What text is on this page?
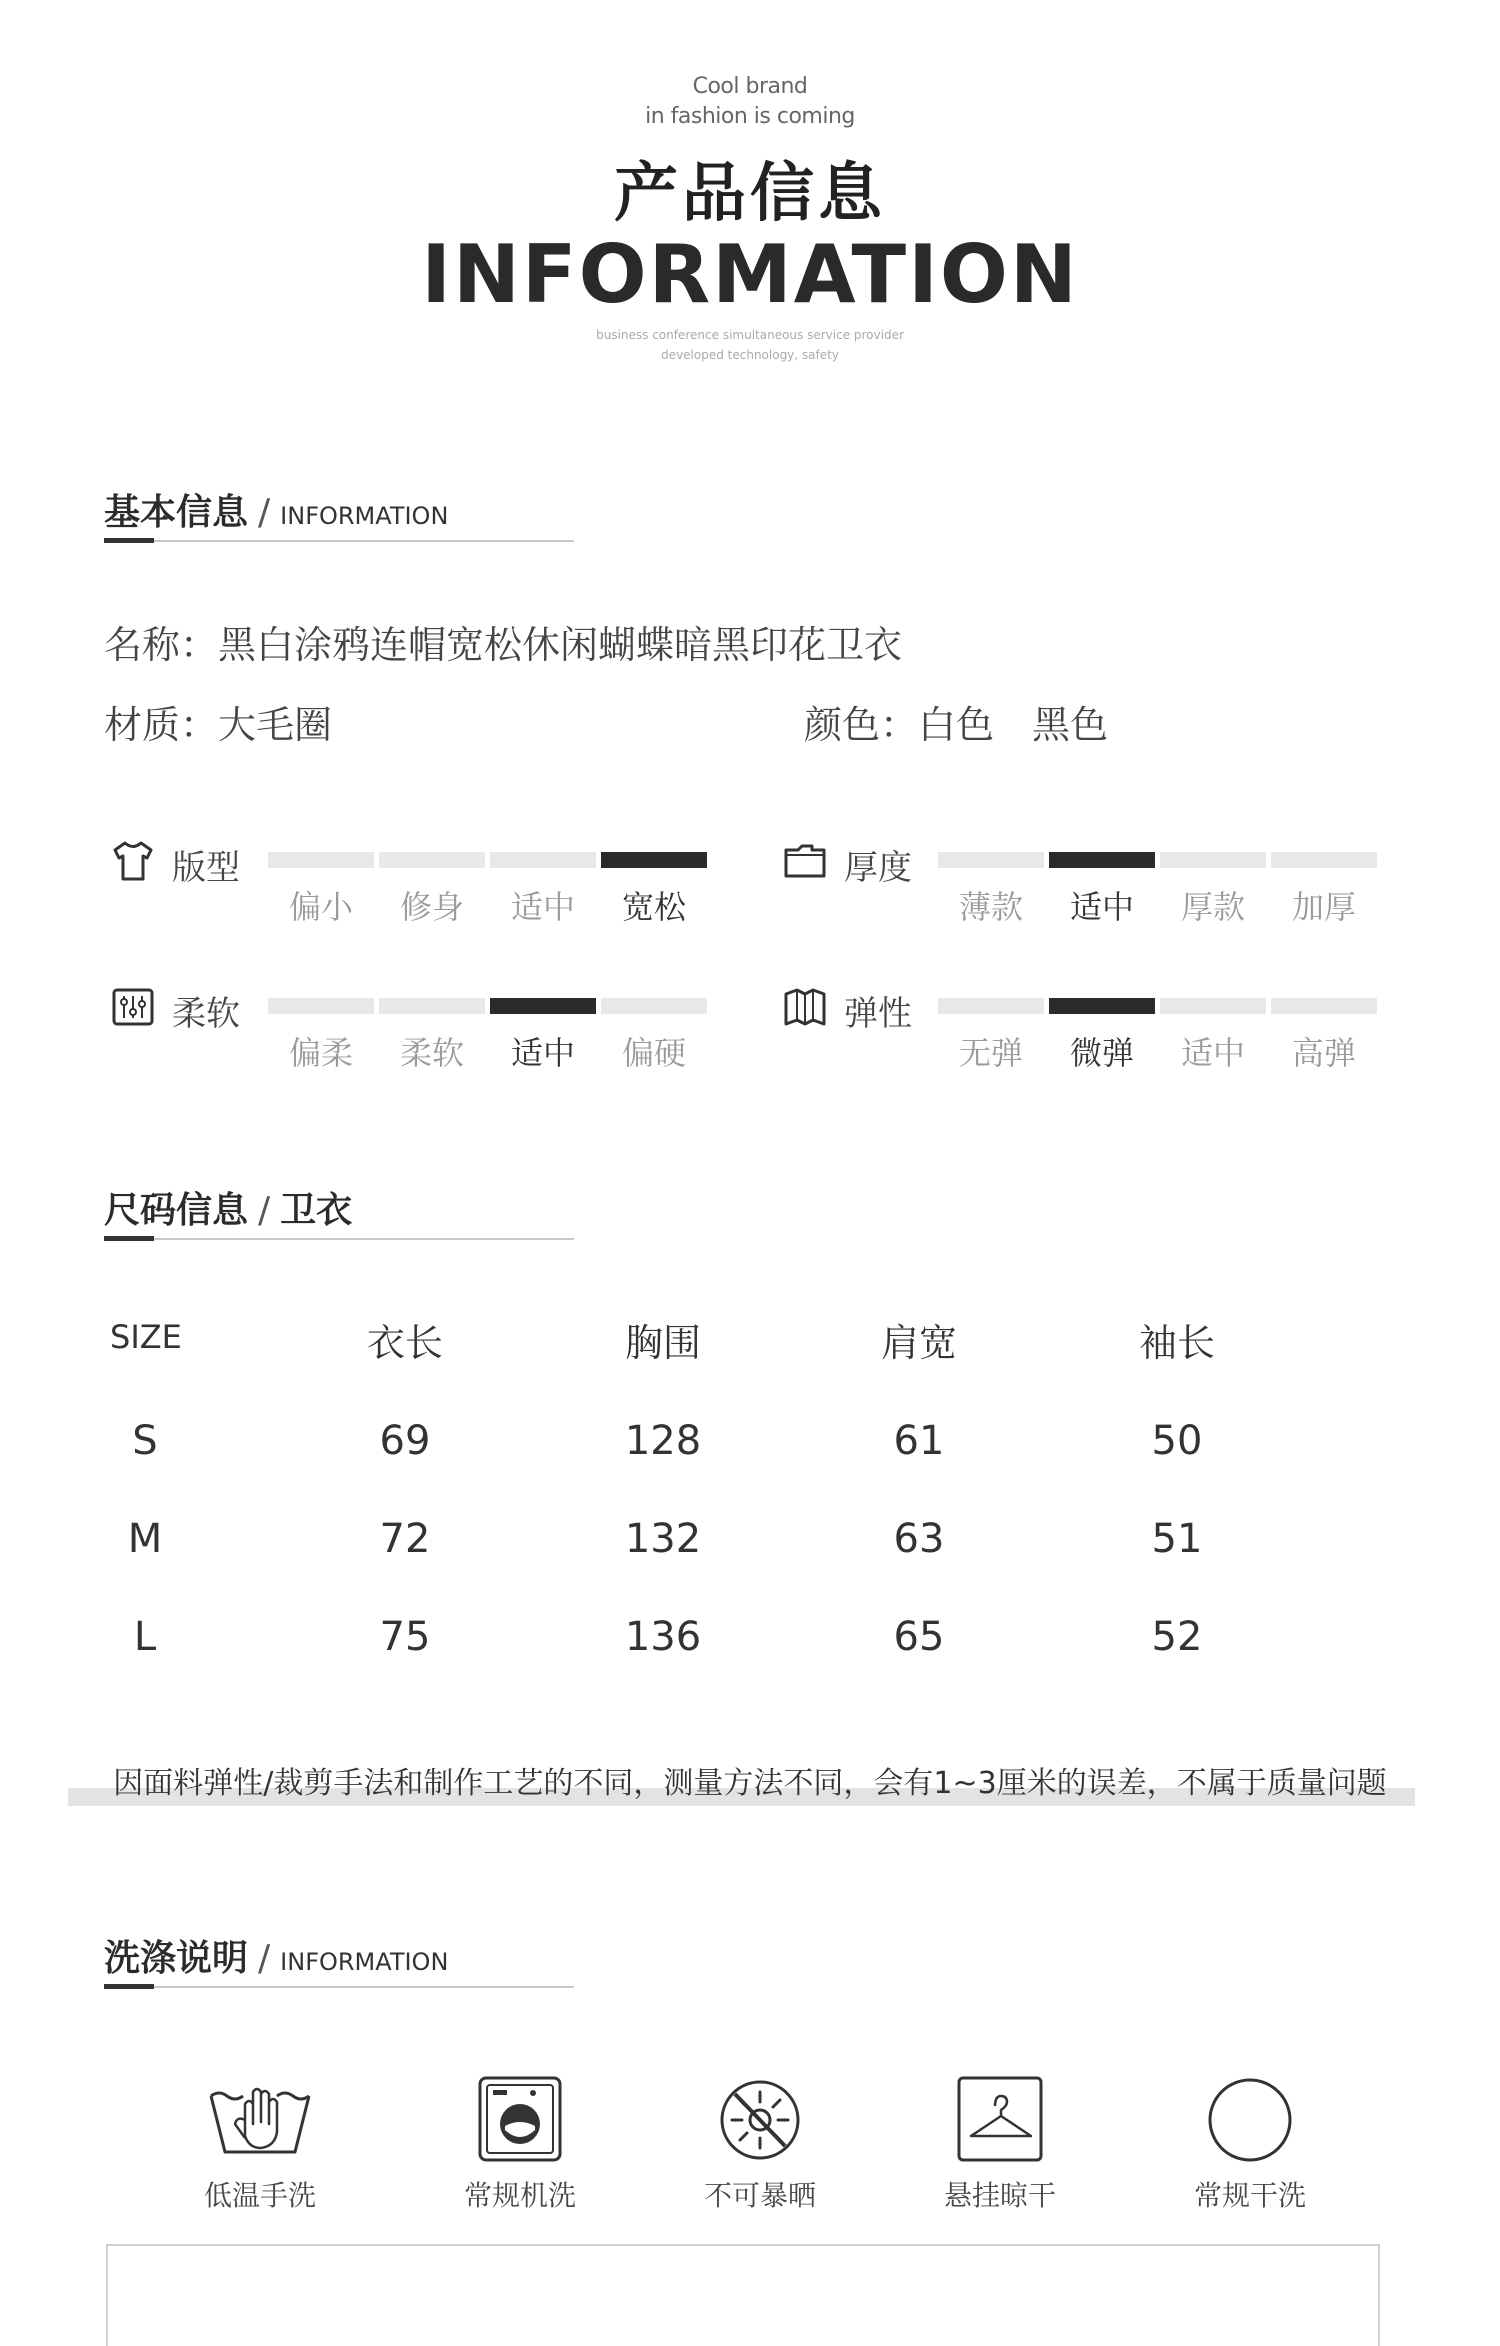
Cool brand
in fashion is coming
产品信息
INFORMATION
business conference simultaneous service provider
developed technology, safety
基本信息 / INFORMATION
名称：黑白涂鸦连帽宽松休闲蝴蝶暗黑印花卫衣
材质：大毛圈	颜色：白色　黑色
版型
偏小	修身	适中	宽松
厚度
薄款	适中	厚款	加厚
柔软
偏柔	柔软	适中	偏硬
弹性
无弹	微弹	适中	高弹
尺码信息 / 卫衣
SIZE	衣长	胸围	肩宽	袖长
S	69	128	61	50
M	72	132	63	51
L	75	136	65	52
因面料弹性/裁剪手法和制作工艺的不同，测量方法不同，会有1~3厘米的误差，不属于质量问题
洗涤说明 / INFORMATION
低温手洗	常规机洗	不可暴晒	悬挂晾干	常规干洗
